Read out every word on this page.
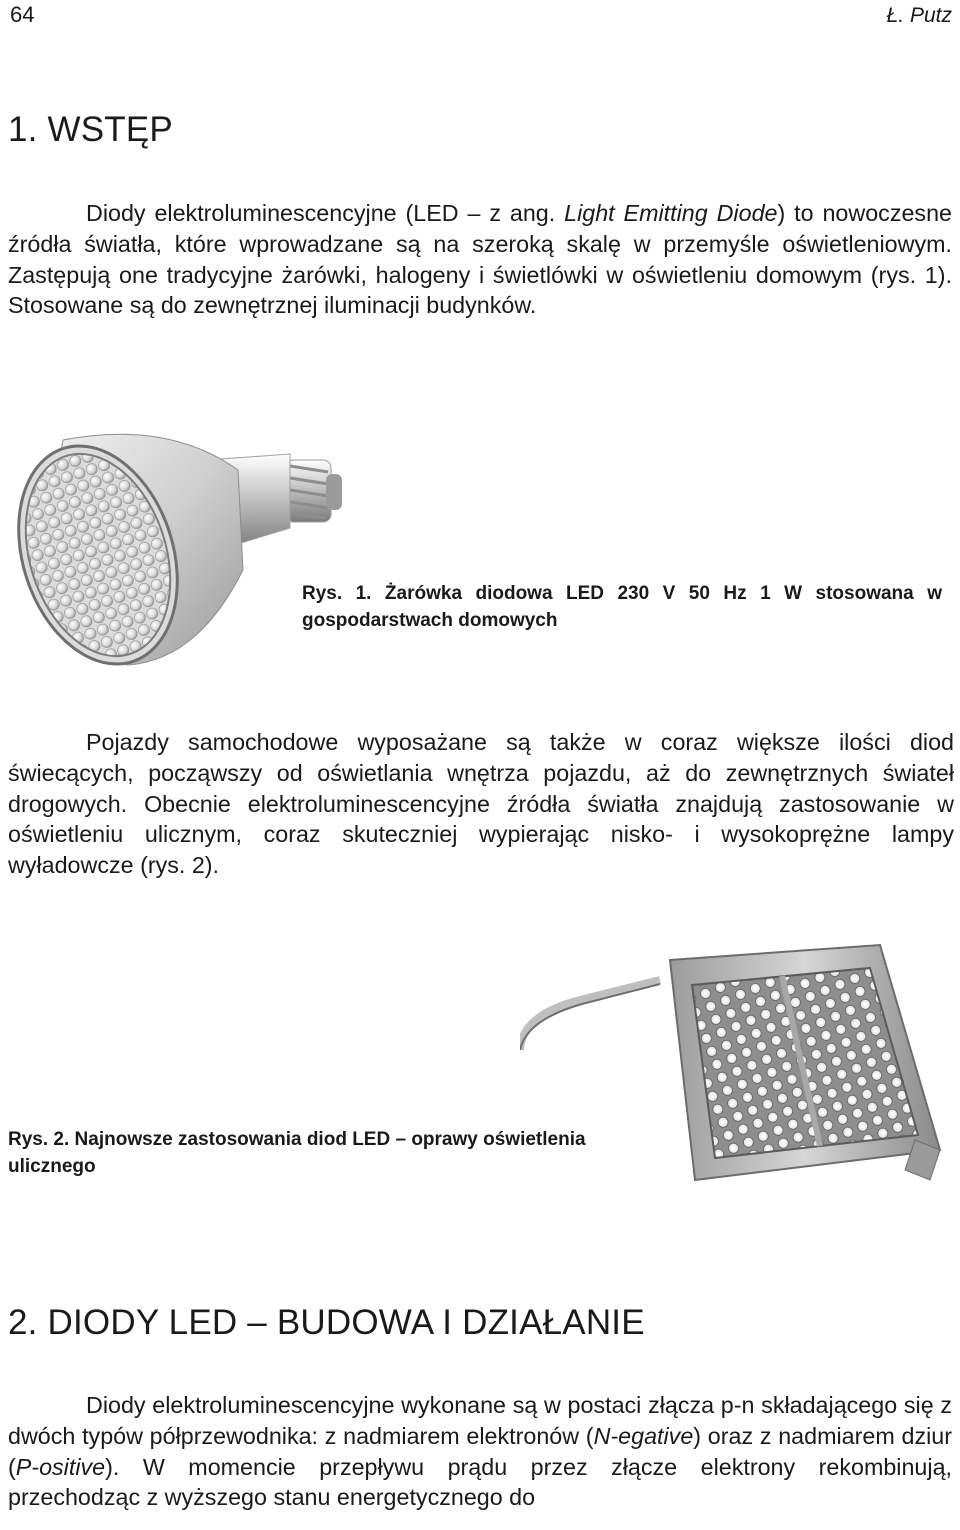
64	Ł. Putz
1. WSTĘP

Diody elektroluminescencyjne (LED – z ang. Light Emitting Diode) to nowoczesne źródła światła, które wprowadzane są na szeroką skalę w przemyśle oświetleniowym. Zastępują one tradycyjne żarówki, halogeny i świetlówki w oświetleniu domowym (rys. 1). Stosowane są do zewnętrznej iluminacji budynków.

Rys. 1. Żarówka diodowa LED 230 V 50 Hz 1 W stosowana w gospodarstwach domowych

Pojazdy samochodowe wyposażane są także w coraz większe ilości diod świecących, począwszy od oświetlania wnętrza pojazdu, aż do zewnętrznych świateł drogowych. Obecnie elektroluminescencyjne źródła światła znajdują zastosowanie w oświetleniu ulicznym, coraz skuteczniej wypierając nisko- i wysokoprężne lampy wyładowcze (rys. 2).

Rys. 2. Najnowsze zastosowania diod LED – oprawy oświetlenia ulicznego
2. DIODY LED – BUDOWA I DZIAŁANIE

Diody elektroluminescencyjne wykonane są w postaci złącza p-n składającego się z dwóch typów półprzewodnika: z nadmiarem elektronów (N-egative) oraz z nadmiarem dziur (P-ositive). W momencie przepływu prądu przez złącze elektrony rekombinują, przechodząc z wyższego stanu energetycznego do
